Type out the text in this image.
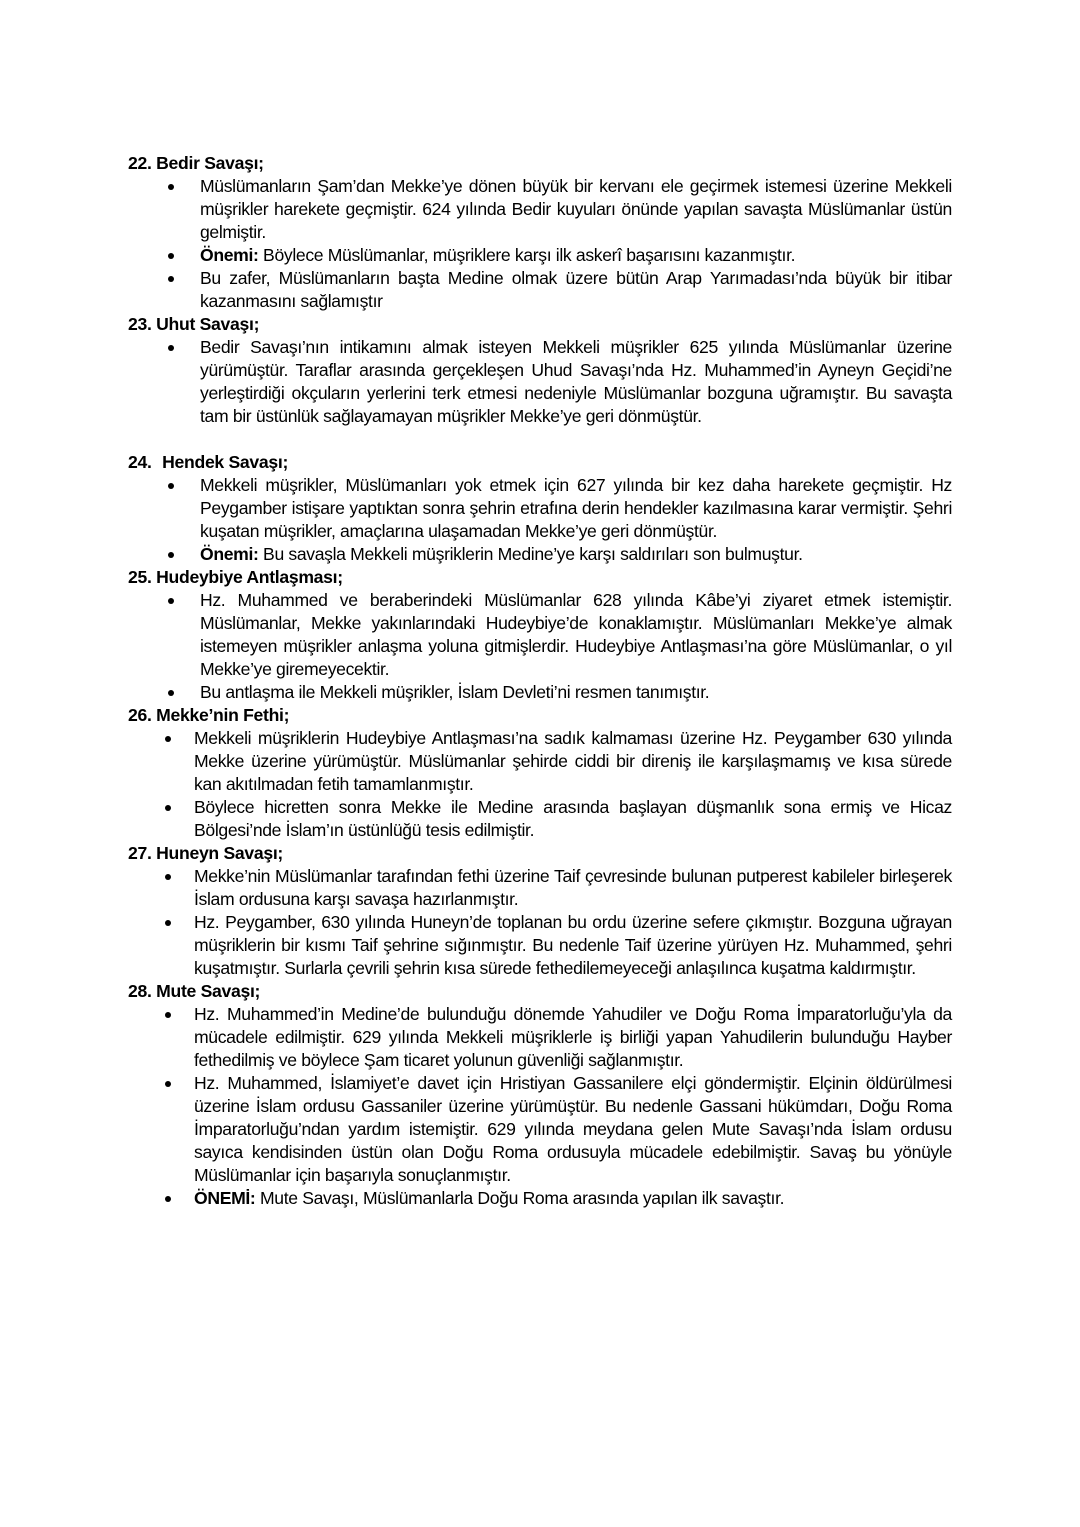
22. Bedir Savaşı;
Müslümanların Şam’dan Mekke’ye dönen büyük bir kervanı ele geçirmek istemesi üzerine Mekkeli müşrikler harekete geçmiştir. 624 yılında Bedir kuyuları önünde yapılan savaşta Müslümanlar üstün gelmiştir.
Önemi: Böylece Müslümanlar, müşriklere karşı ilk askerî başarısını kazanmıştır.
Bu zafer, Müslümanların başta Medine olmak üzere bütün Arap Yarımadası’nda büyük bir itibar kazanmasını sağlamıştır
23. Uhut Savaşı;
Bedir Savaşı’nın intikamını almak isteyen Mekkeli müşrikler 625 yılında Müslümanlar üzerine yürümüştür. Taraflar arasında gerçekleşen Uhud Savaşı’nda Hz. Muhammed’in Ayneyn Geçidi’ne yerleştirdiği okçuların yerlerini terk etmesi nedeniyle Müslümanlar bozguna uğramıştır. Bu savaşta tam bir üstünlük sağlayamayan müşrikler Mekke’ye geri dönmüştür.
24. Hendek Savaşı;
Mekkeli müşrikler, Müslümanları yok etmek için 627 yılında bir kez daha harekete geçmiştir. Hz Peygamber istişare yaptıktan sonra şehrin etrafına derin hendekler kazılmasına karar vermiştir. Şehri kuşatan müşrikler, amaçlarına ulaşamadan Mekke’ye geri dönmüştür.
Önemi: Bu savaşla Mekkeli müşriklerin Medine’ye karşı saldırıları son bulmuştur.
25. Hudeybiye Antlaşması;
Hz. Muhammed ve beraberindeki Müslümanlar 628 yılında Kâbe’yi ziyaret etmek istemiştir. Müslümanlar, Mekke yakınlarındaki Hudeybiye’de konaklamıştır. Müslümanları Mekke’ye almak istemeyen müşrikler anlaşma yoluna gitmişlerdir. Hudeybiye Antlaşması’na göre Müslümanlar, o yıl Mekke’ye giremeyecektir.
Bu antlaşma ile Mekkeli müşrikler, İslam Devleti’ni resmen tanımıştır.
26. Mekke’nin Fethi;
Mekkeli müşriklerin Hudeybiye Antlaşması’na sadık kalmaması üzerine Hz. Peygamber 630 yılında Mekke üzerine yürümüştür. Müslümanlar şehirde ciddi bir direniş ile karşılaşmamış ve kısa sürede kan akıtılmadan fetih tamamlanmıştır.
Böylece hicretten sonra Mekke ile Medine arasında başlayan düşmanlık sona ermiş ve Hicaz Bölgesi’nde İslam’ın üstünlüğü tesis edilmiştir.
27. Huneyn Savaşı;
Mekke’nin Müslümanlar tarafından fethi üzerine Taif çevresinde bulunan putperest kabileler birleşerek İslam ordusuna karşı savaşa hazırlanmıştır.
Hz. Peygamber, 630 yılında Huneyn’de toplanan bu ordu üzerine sefere çıkmıştır. Bozguna uğrayan müşriklerin bir kısmı Taif şehrine sığınmıştır. Bu nedenle Taif üzerine yürüyen Hz. Muhammed, şehri kuşatmıştır. Surlarla çevrili şehrin kısa sürede fethedilemeyeceği anlaşılınca kuşatma kaldırmıştır.
28. Mute Savaşı;
Hz. Muhammed’in Medine’de bulunduğu dönemde Yahudiler ve Doğu Roma İmparatorluğu’yla da mücadele edilmiştir. 629 yılında Mekkeli müşriklerle iş birliği yapan Yahudilerin bulunduğu Hayber fethedilmiş ve böylece Şam ticaret yolunun güvenliği sağlanmıştır.
Hz. Muhammed, İslamiyet’e davet için Hristiyan Gassanilere elçi göndermiştir. Elçinin öldürülmesi üzerine İslam ordusu Gassaniler üzerine yürümüştür. Bu nedenle Gassani hükümdarı, Doğu Roma İmparatorluğu’ndan yardım istemiştir. 629 yılında meydana gelen Mute Savaşı’nda İslam ordusu sayıca kendisinden üstün olan Doğu Roma ordusuyla mücadele edebilmiştir. Savaş bu yönüyle Müslümanlar için başarıyla sonuçlanmıştır.
ÖNEMİ: Mute Savaşı, Müslümanlarla Doğu Roma arasında yapılan ilk savaştır.
